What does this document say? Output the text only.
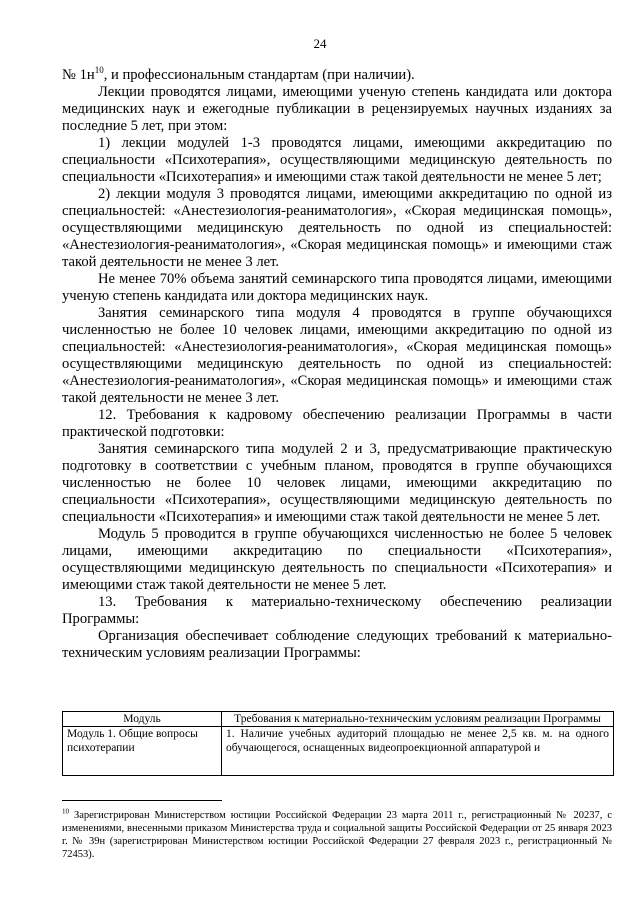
24

№ $1н^{10}$, и профессиональным стандартам (при наличии).

Лекции проводятся лицами, имеющими ученую степень кандидата или доктора медицинских наук и ежегодные публикации в рецензируемых научных изданиях за последние 5 лет, при этом:

1) лекции модулей 1-3 проводятся лицами, имеющими аккредитацию по специальности «Психотерапия», осуществляющими медицинскую деятельность по специальности «Психотерапия» и имеющими стаж такой деятельности не менее 5 лет;

2) лекции модуля 3 проводятся лицами, имеющими аккредитацию по одной из специальностей: «Анестезиология-реаниматология», «Скорая медицинская помощь», осуществляющими медицинскую деятельность по одной из специальностей: «Анестезиология-реаниматология», «Скорая медицинская помощь» и имеющими стаж такой деятельности не менее 3 лет.

Не менее 70% объема занятий семинарского типа проводятся лицами, имеющими ученую степень кандидата или доктора медицинских наук.

Занятия семинарского типа модуля 4 проводятся в группе обучающихся численностью не более 10 человек лицами, имеющими аккредитацию по одной из специальностей: «Анестезиология-реаниматология», «Скорая медицинская помощь» осуществляющими медицинскую деятельность по одной из специальностей: «Анестезиология-реаниматология», «Скорая медицинская помощь» и имеющими стаж такой деятельности не менее 3 лет.

12. Требования к кадровому обеспечению реализации Программы в части практической подготовки:

Занятия семинарского типа модулей 2 и 3, предусматривающие практическую подготовку в соответствии с учебным планом, проводятся в группе обучающихся численностью не более 10 человек лицами, имеющими аккредитацию по специальности «Психотерапия», осуществляющими медицинскую деятельность по специальности «Психотерапия» и имеющими стаж такой деятельности не менее 5 лет.

Модуль 5 проводится в группе обучающихся численностью не более 5 человек лицами, имеющими аккредитацию по специальности «Психотерапия», осуществляющими медицинскую деятельность по специальности «Психотерапия» и имеющими стаж такой деятельности не менее 5 лет.

13. Требования к материально-техническому обеспечению реализации Программы:

Организация обеспечивает соблюдение следующих требований к материально-техническим условиям реализации Программы:

Модуль	Требования к материально-техническим условиям реализации Программы
Модуль 1. Общие вопросы психотерапии	1. Наличие учебных аудиторий площадью не менее 2,5 кв. м. на одного обучающегося, оснащенных видеопроекционной аппаратурой и
$^{10}$ Зарегистрирован Министерством юстиции Российской Федерации 23 марта 2011 г., регистрационный № 20237, с изменениями, внесенными приказом Министерства труда и социальной защиты Российской Федерации от 25 января 2023 г. № 39н (зарегистрирован Министерством юстиции Российской Федерации 27 февраля 2023 г., регистрационный № 72453).
